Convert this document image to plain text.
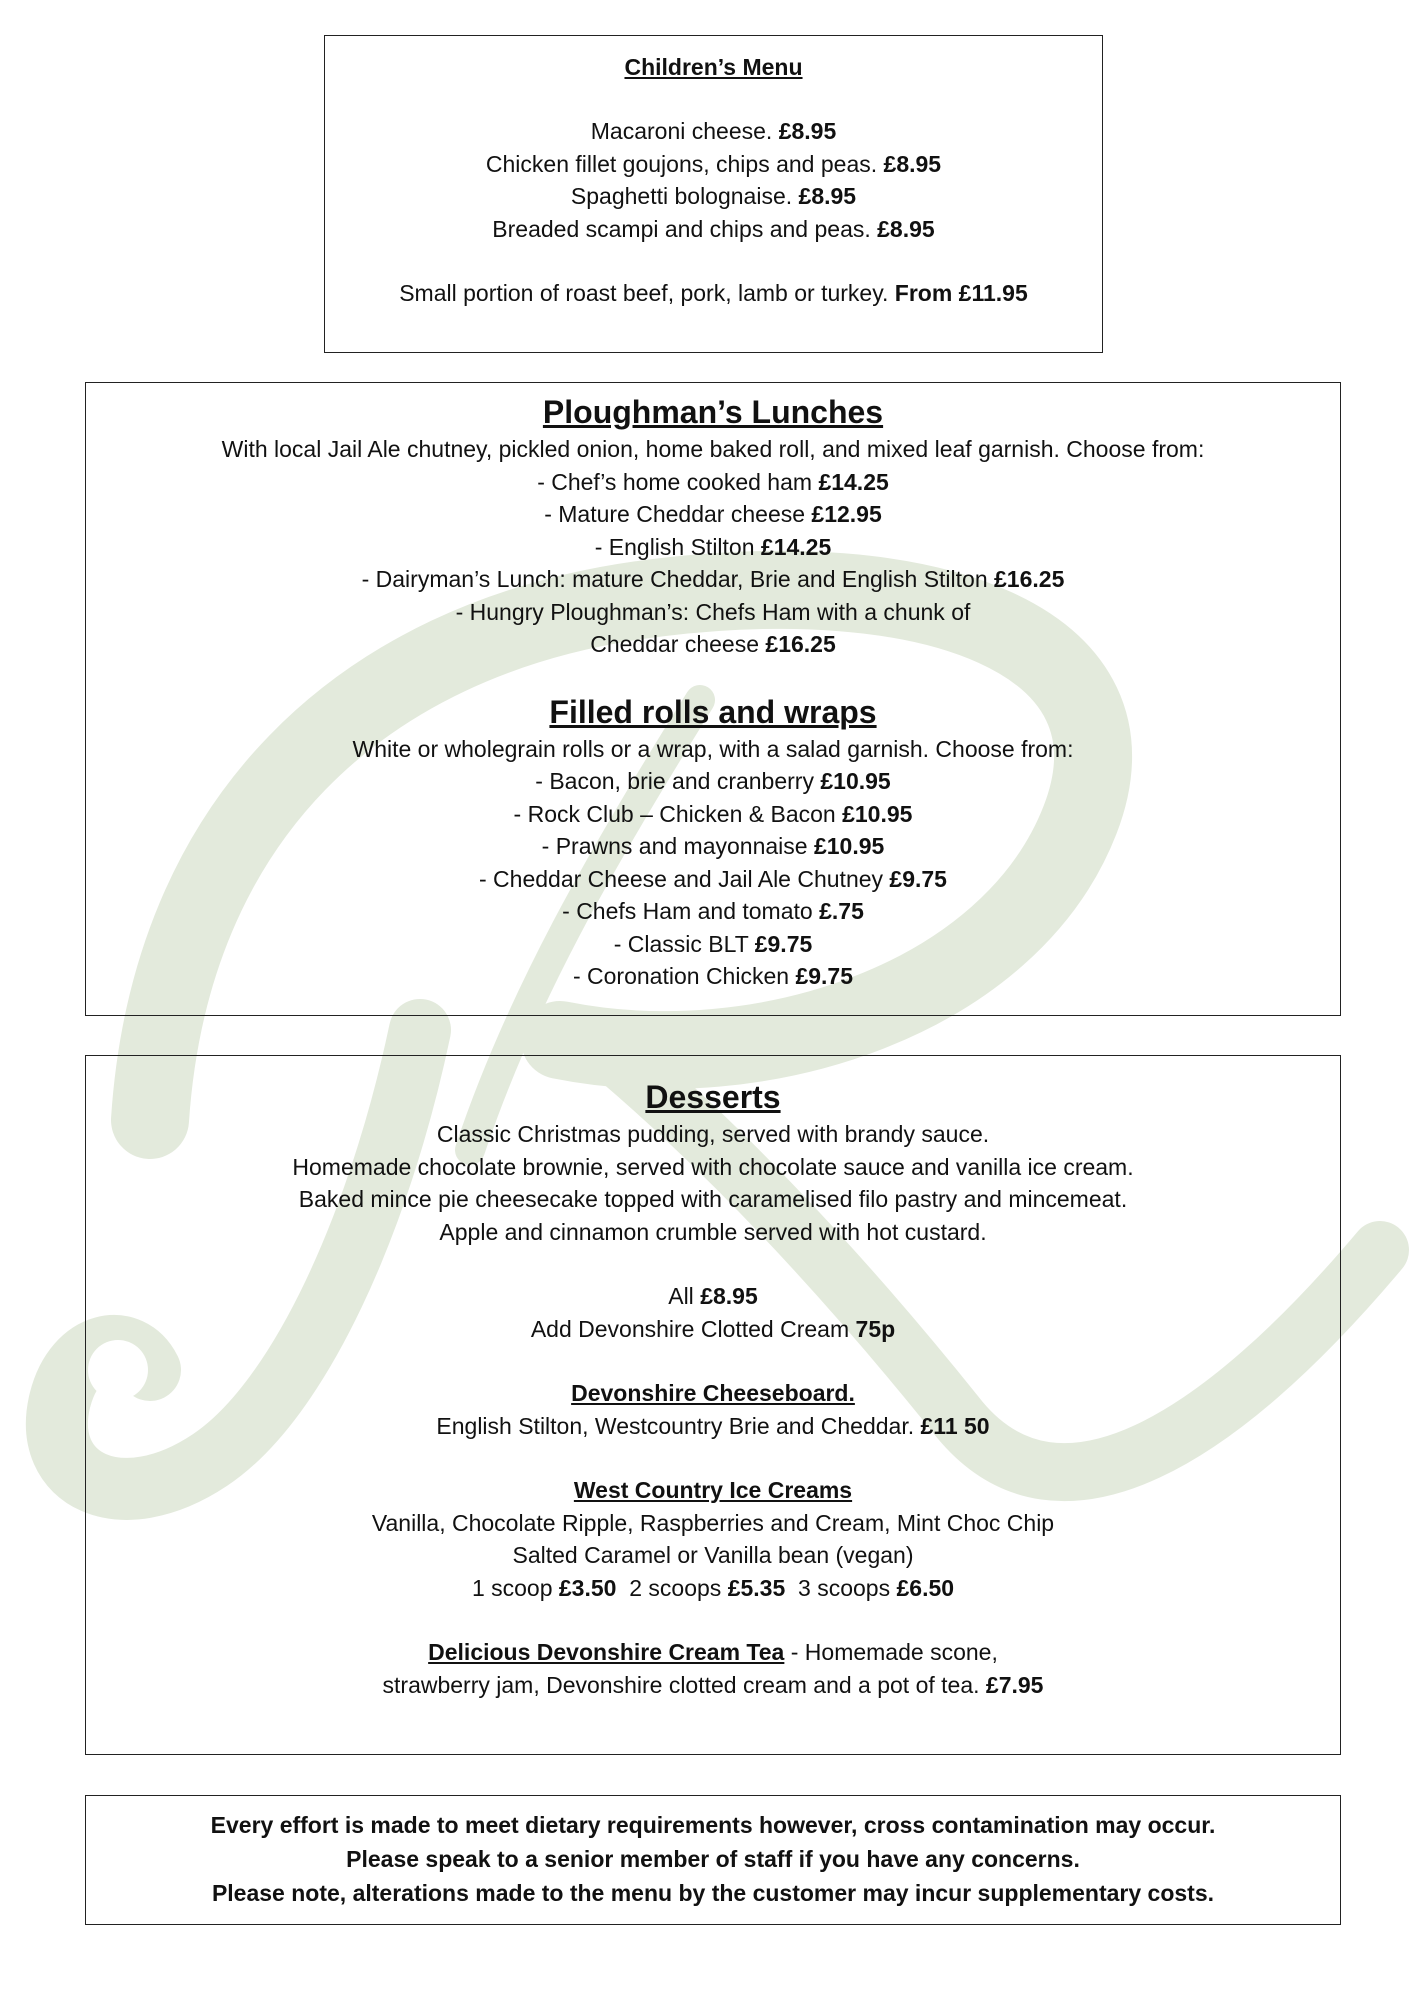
Children’s Menu
Macaroni cheese. £8.95
Chicken fillet goujons, chips and peas. £8.95
Spaghetti bolognaise. £8.95
Breaded scampi and chips and peas. £8.95
Small portion of roast beef, pork, lamb or turkey. From £11.95
Ploughman’s Lunches
With local Jail Ale chutney, pickled onion, home baked roll, and mixed leaf garnish. Choose from:
- Chef’s home cooked ham £14.25
- Mature Cheddar cheese £12.95
- English Stilton £14.25
- Dairyman’s Lunch: mature Cheddar, Brie and English Stilton £16.25
- Hungry Ploughman’s: Chefs Ham with a chunk of
Cheddar cheese £16.25
Filled rolls and wraps
White or wholegrain rolls or a wrap, with a salad garnish. Choose from:
- Bacon, brie and cranberry £10.95
- Rock Club – Chicken & Bacon £10.95
- Prawns and mayonnaise £10.95
- Cheddar Cheese and Jail Ale Chutney £9.75
- Chefs Ham and tomato £.75
- Classic BLT £9.75
- Coronation Chicken £9.75
Desserts
Classic Christmas pudding, served with brandy sauce.
Homemade chocolate brownie, served with chocolate sauce and vanilla ice cream.
Baked mince pie cheesecake topped with caramelised filo pastry and mincemeat.
Apple and cinnamon crumble served with hot custard.
All £8.95
Add Devonshire Clotted Cream 75p
Devonshire Cheeseboard.
English Stilton, Westcountry Brie and Cheddar. £11 50
West Country Ice Creams
Vanilla, Chocolate Ripple, Raspberries and Cream, Mint Choc Chip
Salted Caramel or Vanilla bean (vegan)
1 scoop £3.50 2 scoops £5.35 3 scoops £6.50
Delicious Devonshire Cream Tea - Homemade scone,
strawberry jam, Devonshire clotted cream and a pot of tea. £7.95
Every effort is made to meet dietary requirements however, cross contamination may occur.
Please speak to a senior member of staff if you have any concerns.
Please note, alterations made to the menu by the customer may incur supplementary costs.
